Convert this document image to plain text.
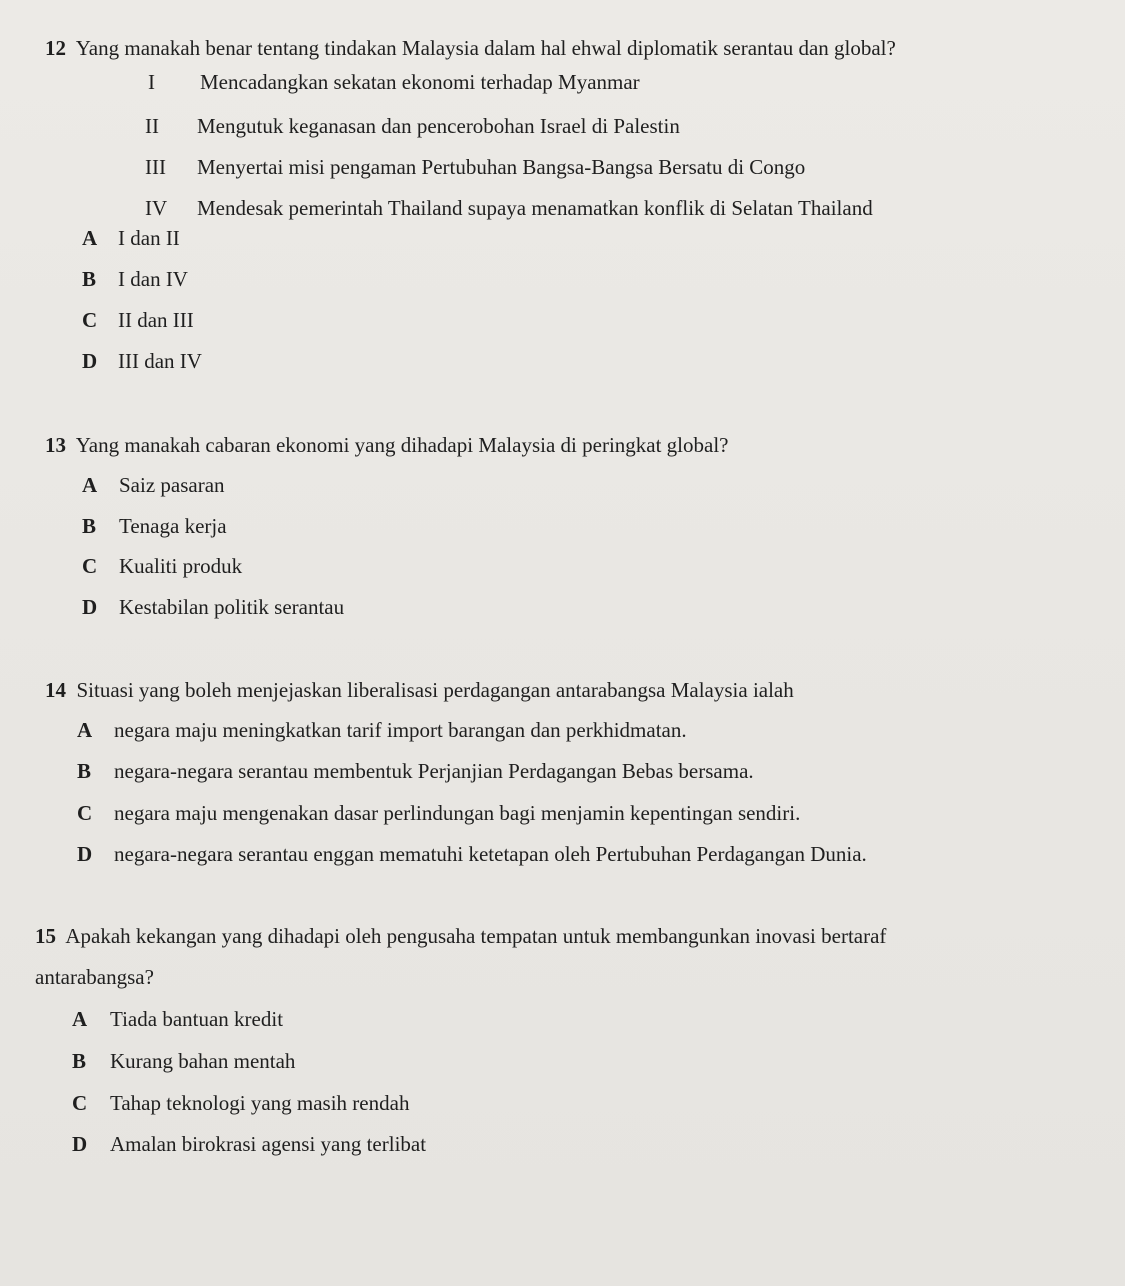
12 Yang manakah benar tentang tindakan Malaysia dalam hal ehwal diplomatik serantau dan global?
I Mencadangkan sekatan ekonomi terhadap Myanmar
II Mengutuk keganasan dan pencerobohan Israel di Palestin
III Menyertai misi pengaman Pertubuhan Bangsa-Bangsa Bersatu di Congo
IV Mendesak pemerintah Thailand supaya menamatkan konflik di Selatan Thailand
A I dan II
B I dan IV
C II dan III
D III dan IV
13 Yang manakah cabaran ekonomi yang dihadapi Malaysia di peringkat global?
A Saiz pasaran
B Tenaga kerja
C Kualiti produk
D Kestabilan politik serantau
14 Situasi yang boleh menjejaskan liberalisasi perdagangan antarabangsa Malaysia ialah
A negara maju meningkatkan tarif import barangan dan perkhidmatan.
B negara-negara serantau membentuk Perjanjian Perdagangan Bebas bersama.
C negara maju mengenakan dasar perlindungan bagi menjamin kepentingan sendiri.
D negara-negara serantau enggan mematuhi ketetapan oleh Pertubuhan Perdagangan Dunia.
15 Apakah kekangan yang dihadapi oleh pengusaha tempatan untuk membangunkan inovasi bertaraf
antarabangsa?
A Tiada bantuan kredit
B Kurang bahan mentah
C Tahap teknologi yang masih rendah
D Amalan birokrasi agensi yang terlibat
